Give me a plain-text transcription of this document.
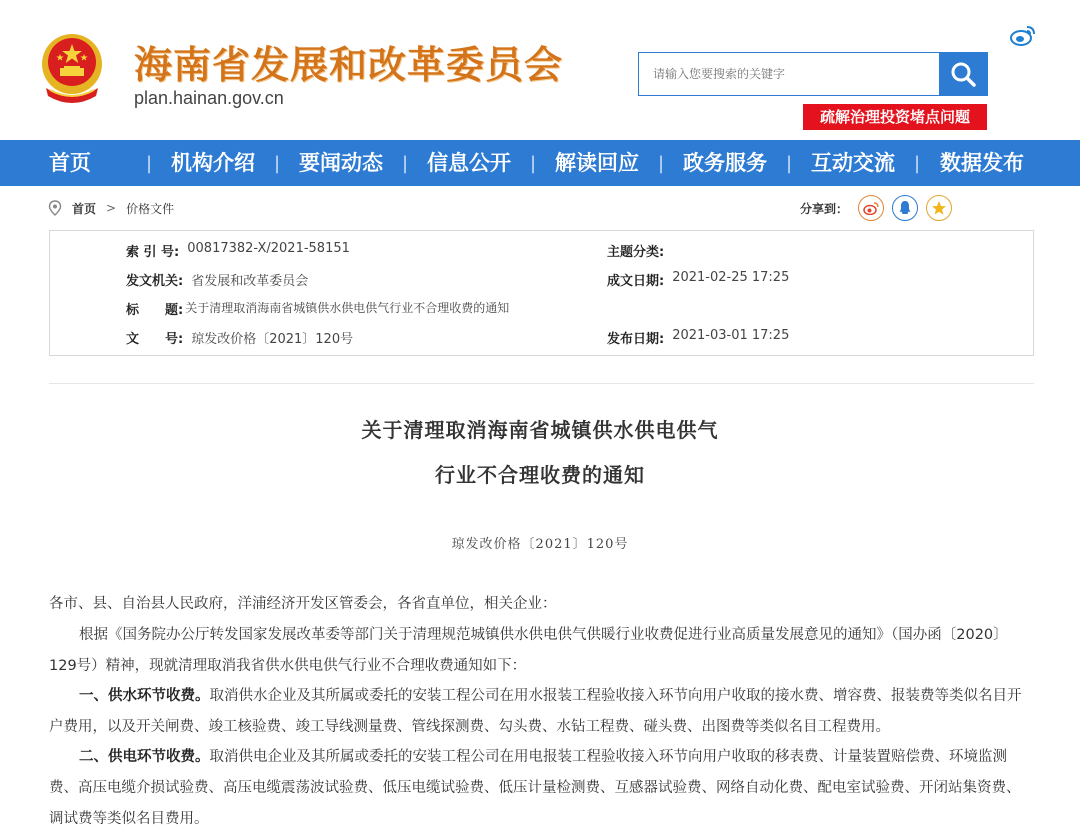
海南省发展和改革委员会
plan.hainan.gov.cn
请输入您要搜索的关键字
疏解治理投资堵点问题
首页	| 机构介绍	| 要闻动态	| 信息公开	| 解读回应	| 政务服务	| 互动交流	| 数据发布
首页 > 价格文件	分享到：
索 引 号: 00817382-X/2021-58151	主题分类:
发文机关: 省发展和改革委员会	成文日期: 2021-02-25 17:25
标　　题: 关于清理取消海南省城镇供水供电供气行业不合理收费的通知
文　　号: 琼发改价格〔2021〕120号	发布日期: 2021-03-01 17:25
关于清理取消海南省城镇供水供电供气
行业不合理收费的通知
琼发改价格〔2021〕120号
各市、县、自治县人民政府，洋浦经济开发区管委会，各省直单位，相关企业：
根据《国务院办公厅转发国家发展改革委等部门关于清理规范城镇供水供电供气供暖行业收费促进行业高质量发展意见的通知》（国办函〔2020〕129号）精神，现就清理取消我省供水供电供气行业不合理收费通知如下：
一、供水环节收费。取消供水企业及其所属或委托的安装工程公司在用水报装工程验收接入环节向用户收取的接水费、增容费、报装费等类似名目开户费用，以及开关闸费、竣工核验费、竣工导线测量费、管线探测费、勾头费、水钻工程费、碰头费、出图费等类似名目工程费用。
二、供电环节收费。取消供电企业及其所属或委托的安装工程公司在用电报装工程验收接入环节向用户收取的移表费、计量装置赔偿费、环境监测费、高压电缆介损试验费、高压电缆震荡波试验费、低压电缆试验费、低压计量检测费、互感器试验费、网络自动化费、配电室试验费、开闭站集资费、调试费等类似名目费用。
